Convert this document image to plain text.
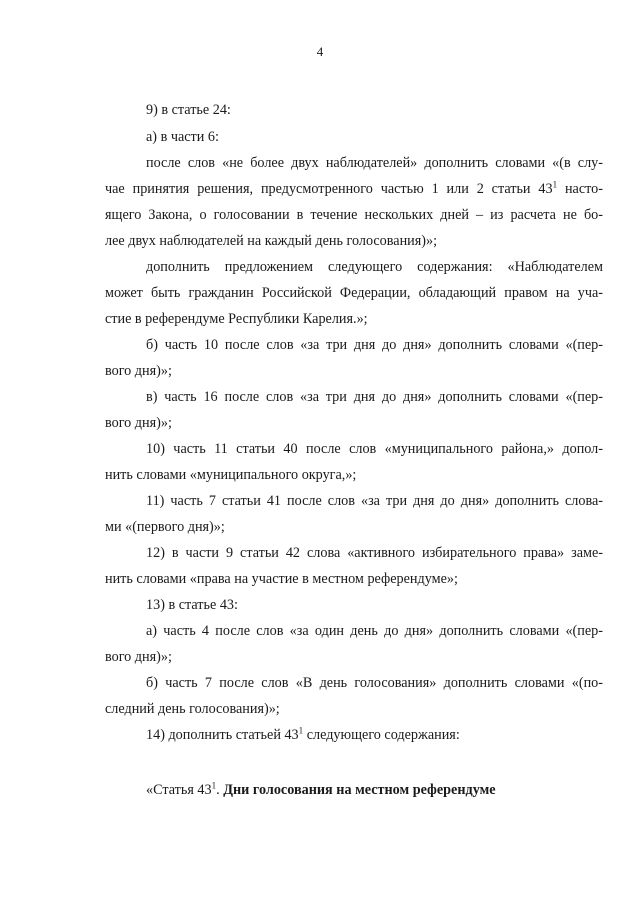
4
9) в статье 24:
а) в части 6:
после слов «не более двух наблюдателей» дополнить словами «(в слу-
чае принятия решения, предусмотренного частью 1 или 2 статьи $43^1$ насто-
ящего Закона, о голосовании в течение нескольких дней – из расчета не бо-
лее двух наблюдателей на каждый день голосования)»;
дополнить предложением следующего содержания: «Наблюдателем
может быть гражданин Российской Федерации, обладающий правом на уча-
стие в референдуме Республики Карелия.»;
б) часть 10 после слов «за три дня до дня» дополнить словами «(пер-
вого дня)»;
в) часть 16 после слов «за три дня до дня» дополнить словами «(пер-
вого дня)»;
10) часть 11 статьи 40 после слов «муниципального района,» допол-
нить словами «муниципального округа,»;
11) часть 7 статьи 41 после слов «за три дня до дня» дополнить слова-
ми «(первого дня)»;
12) в части 9 статьи 42 слова «активного избирательного права» заме-
нить словами «права на участие в местном референдуме»;
13) в статье 43:
а) часть 4 после слов «за один день до дня» дополнить словами «(пер-
вого дня)»;
б) часть 7 после слов «В день голосования» дополнить словами «(по-
следний день голосования)»;
14) дополнить статьей $43^1$ следующего содержания:
«Статья $43^1$. Дни голосования на местном референдуме
